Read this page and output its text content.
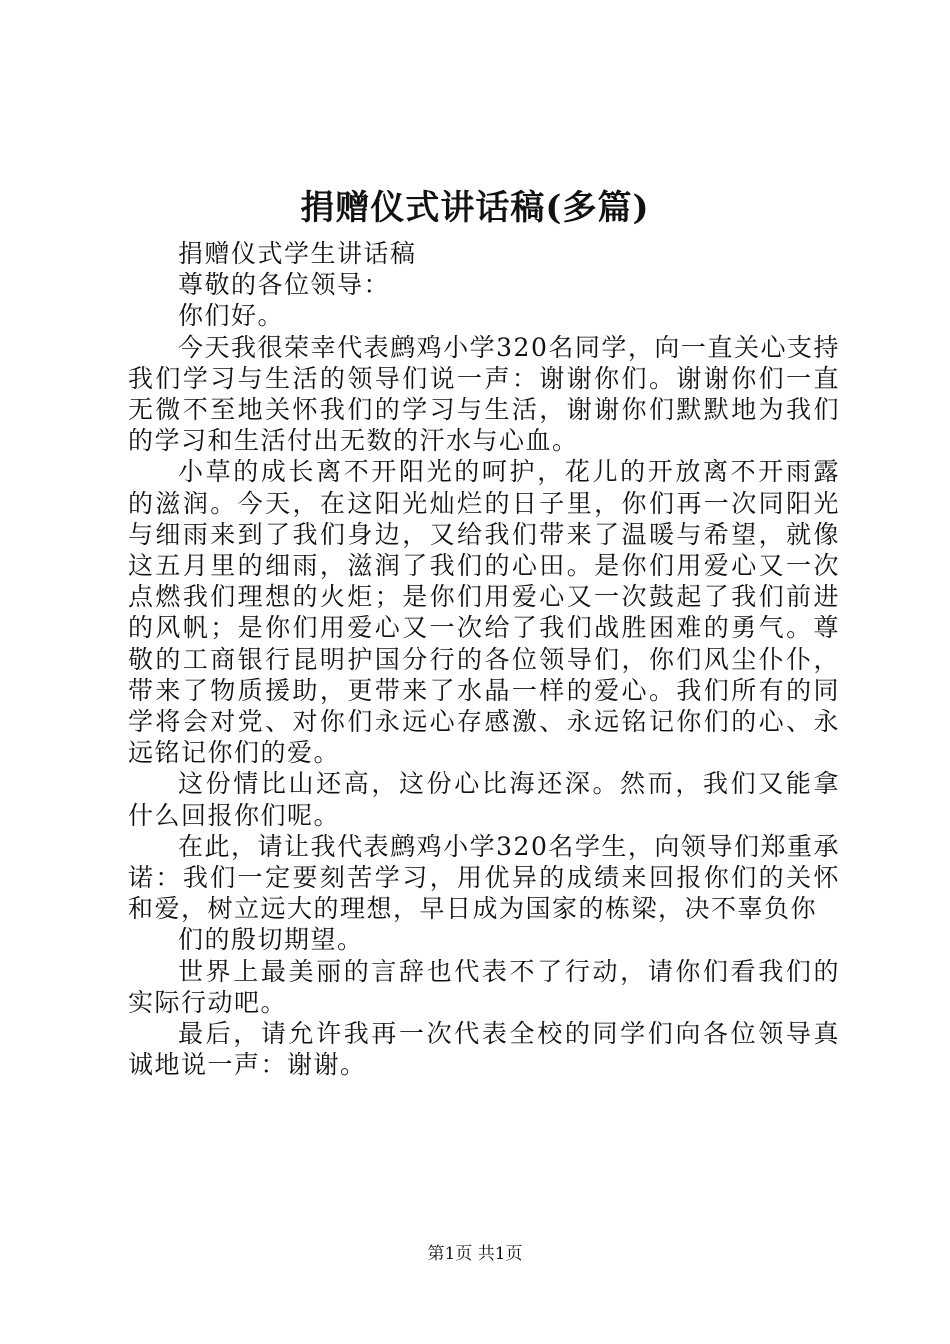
捐赠仪式讲话稿(多篇)

捐赠仪式学生讲话稿

尊敬的各位领导：

你们好。

今天我很荣幸代表鹧鸡小学320名同学，向一直关心支持我们学习与生活的领导们说一声：谢谢你们。谢谢你们一直无微不至地关怀我们的学习与生活，谢谢你们默默地为我们的学习和生活付出无数的汗水与心血。

小草的成长离不开阳光的呵护，花儿的开放离不开雨露的滋润。今天，在这阳光灿烂的日子里，你们再一次同阳光与细雨来到了我们身边，又给我们带来了温暖与希望，就像这五月里的细雨，滋润了我们的心田。是你们用爱心又一次点燃我们理想的火炬；是你们用爱心又一次鼓起了我们前进的风帆；是你们用爱心又一次给了我们战胜困难的勇气。尊敬的工商银行昆明护国分行的各位领导们，你们风尘仆仆，带来了物质援助，更带来了水晶一样的爱心。我们所有的同学将会对党、对你们永远心存感激、永远铭记你们的心、永远铭记你们的爱。

这份情比山还高，这份心比海还深。然而，我们又能拿什么回报你们呢。

在此，请让我代表鹧鸡小学320名学生，向领导们郑重承诺：我们一定要刻苦学习，用优异的成绩来回报你们的关怀和爱，树立远大的理想，早日成为国家的栋梁，决不辜负你

们的殷切期望。

世界上最美丽的言辞也代表不了行动，请你们看我们的实际行动吧。

最后，请允许我再一次代表全校的同学们向各位领导真诚地说一声：谢谢。

第1页 共1页
